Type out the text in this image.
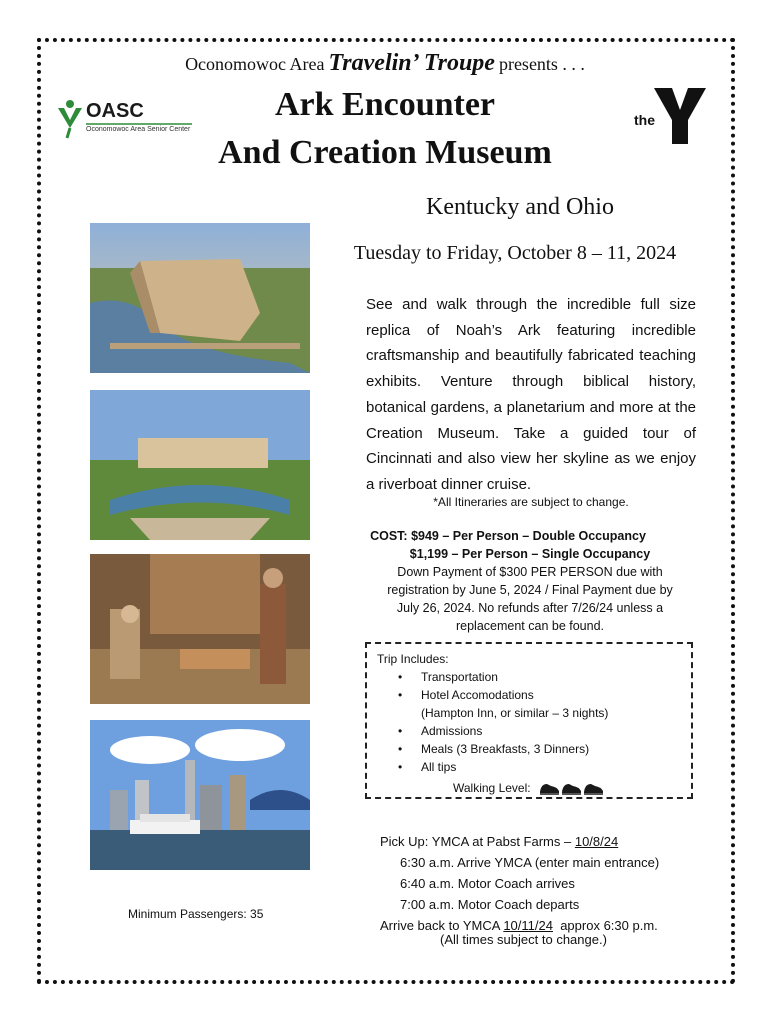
OASC
Oconomowoc Area Senior Center
the
YMCA
Oconomowoc Area Travelin’ Troupe presents . . .
Ark Encounter
And Creation Museum
Kentucky and Ohio
Tuesday to Friday, October 8 – 11, 2024
See and walk through the incredible full size replica of Noah’s Ark featuring incredible craftsmanship and beautifully fabricated teaching exhibits. Venture through biblical history, botanical gardens, a planetarium and more at the Creation Museum. Take a guided tour of Cincinnati and also view her skyline as we enjoy a riverboat dinner cruise.
*All Itineraries are subject to change.
COST: $949 – Per Person – Double Occupancy
$1,199 – Per Person – Single Occupancy
Down Payment of $300 PER PERSON due with
registration by June 5, 2024 / Final Payment due by
July 26, 2024. No refunds after 7/26/24 unless a
replacement can be found.
Trip Includes:
• Transportation
• Hotel Accomodations
(Hampton Inn, or similar – 3 nights)
• Admissions
• Meals (3 Breakfasts, 3 Dinners)
• All tips
Walking Level:
Pick Up: YMCA at Pabst Farms – 10/8/24
6:30 a.m. Arrive YMCA (enter main entrance)
6:40 a.m. Motor Coach arrives
7:00 a.m. Motor Coach departs
Arrive back to YMCA 10/11/24 approx 6:30 p.m.
(All times subject to change.)
Minimum Passengers: 35
